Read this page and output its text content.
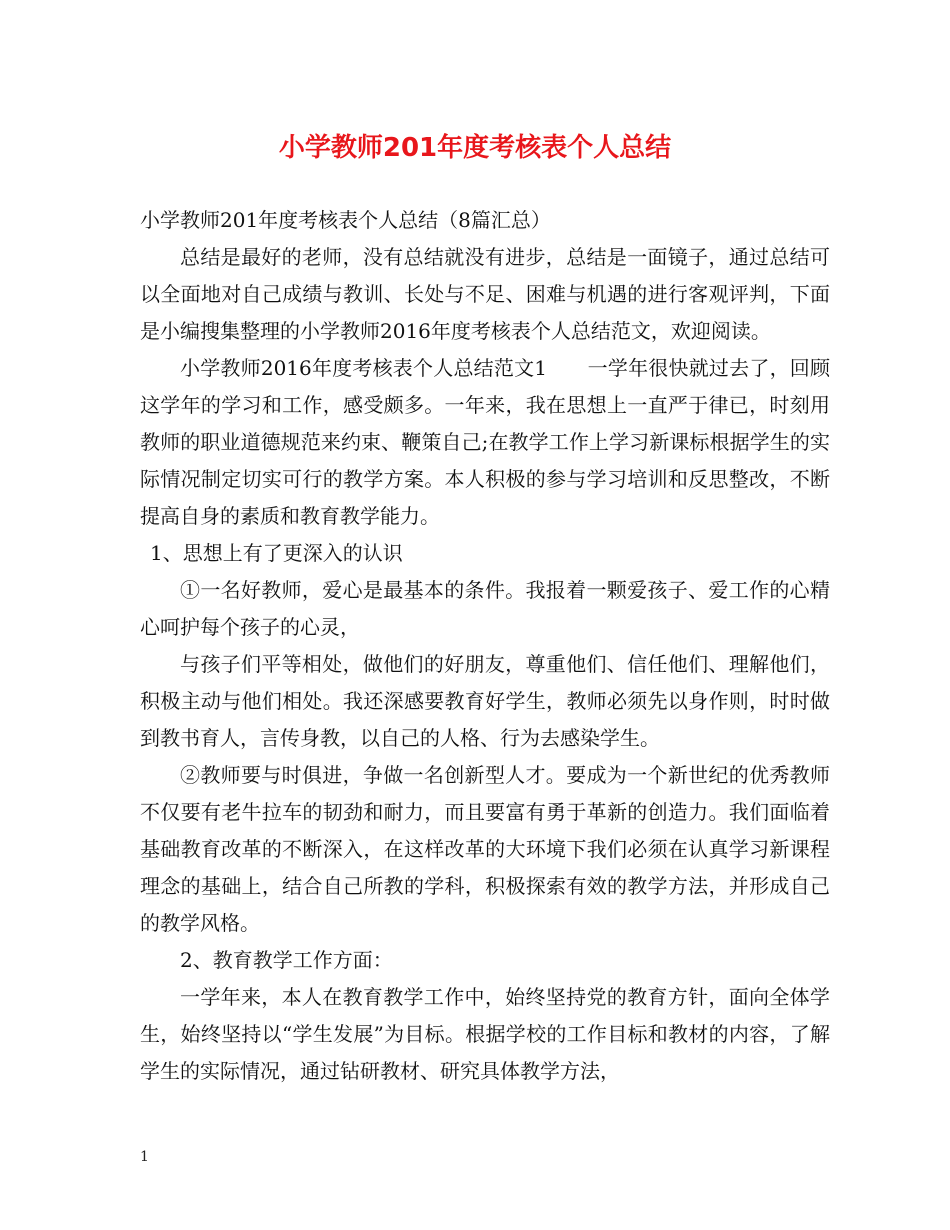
小学教师201年度考核表个人总结

小学教师201年度考核表个人总结（8篇汇总）

总结是最好的老师，没有总结就没有进步，总结是一面镜子，通过总结可以全面地对自己成绩与教训、长处与不足、困难与机遇的进行客观评判，下面是小编搜集整理的小学教师2016年度考核表个人总结范文，欢迎阅读。

小学教师2016年度考核表个人总结范文1　　一学年很快就过去了，回顾这学年的学习和工作，感受颇多。一年来，我在思想上一直严于律已，时刻用教师的职业道德规范来约束、鞭策自己;在教学工作上学习新课标根据学生的实际情况制定切实可行的教学方案。本人积极的参与学习培训和反思整改，不断提高自身的素质和教育教学能力。

1、思想上有了更深入的认识

①一名好教师，爱心是最基本的条件。我报着一颗爱孩子、爱工作的心精心呵护每个孩子的心灵，

与孩子们平等相处，做他们的好朋友，尊重他们、信任他们、理解他们，积极主动与他们相处。我还深感要教育好学生，教师必须先以身作则，时时做到教书育人，言传身教，以自己的人格、行为去感染学生。

②教师要与时俱进，争做一名创新型人才。要成为一个新世纪的优秀教师不仅要有老牛拉车的韧劲和耐力，而且要富有勇于革新的创造力。我们面临着基础教育改革的不断深入，在这样改革的大环境下我们必须在认真学习新课程理念的基础上，结合自己所教的学科，积极探索有效的教学方法，并形成自己的教学风格。

2、教育教学工作方面：

一学年来，本人在教育教学工作中，始终坚持党的教育方针，面向全体学生，始终坚持以“学生发展”为目标。根据学校的工作目标和教材的内容，了解学生的实际情况，通过钻研教材、研究具体教学方法，

1
